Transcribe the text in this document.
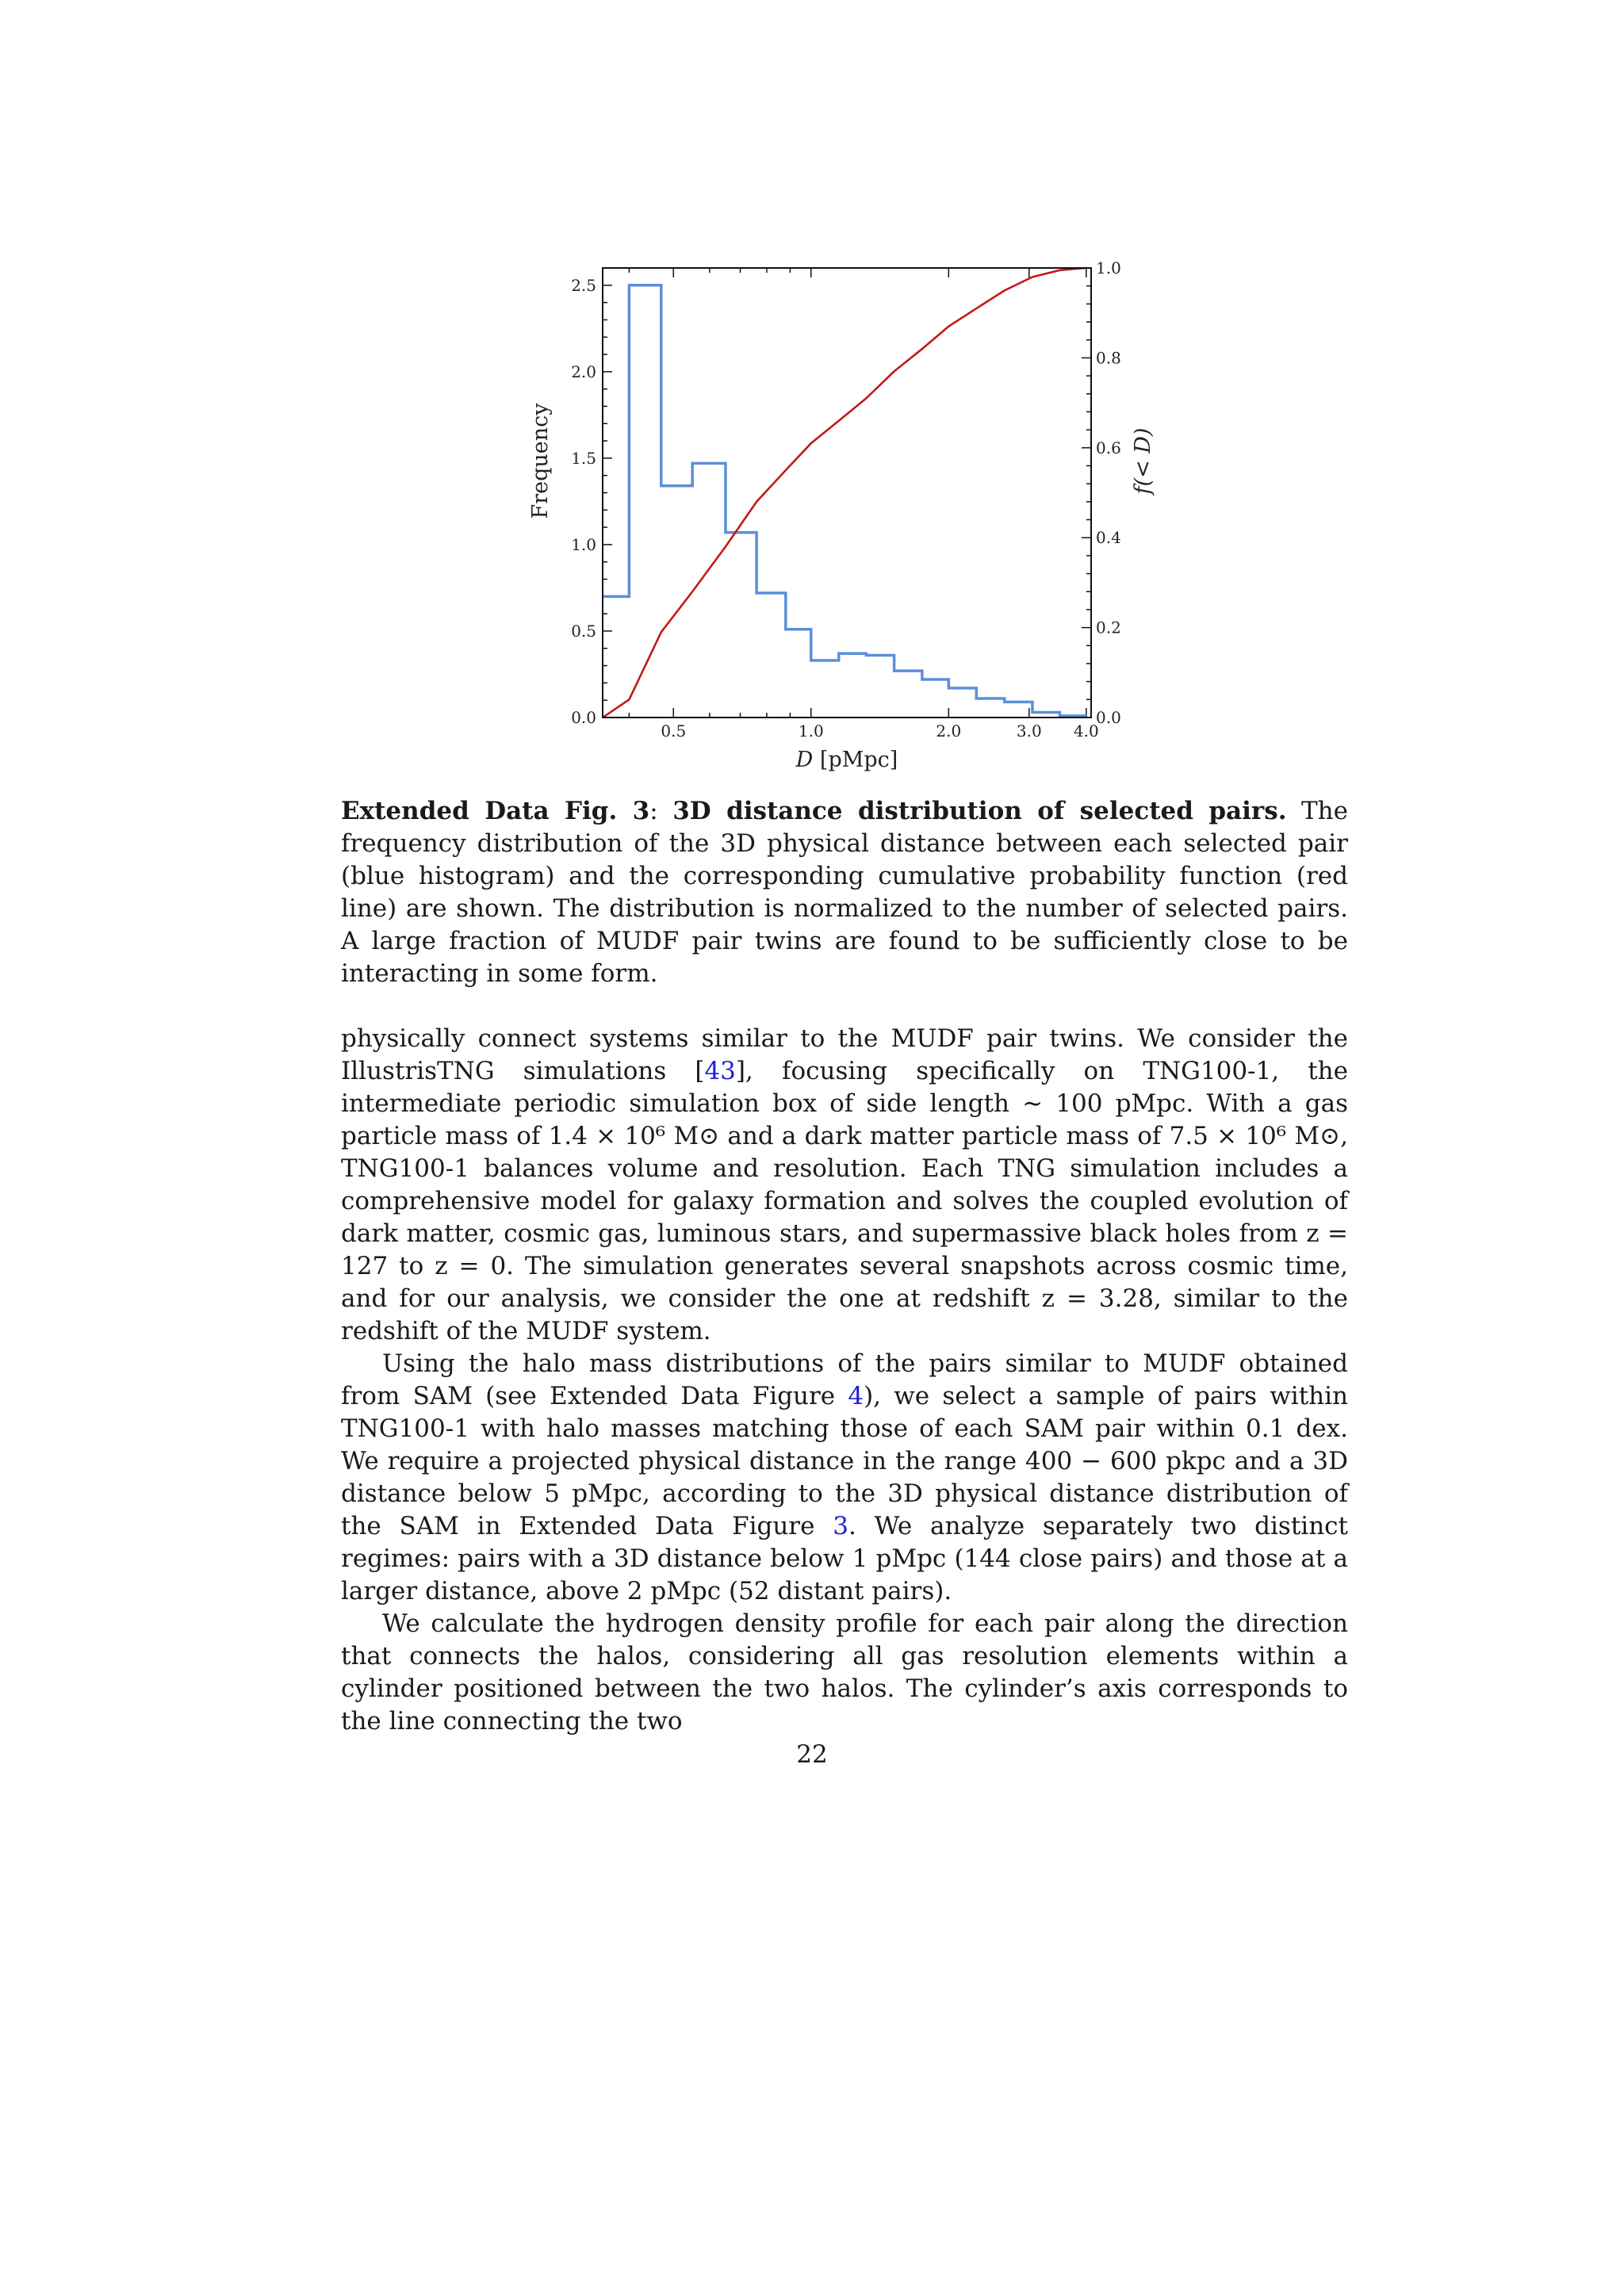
0.5	1.0	2.0	3.0 4.0
0.0
0.5
1.0
1.5
2.0
2.5
0.0
0.2
0.4
0.6
0.8
1.0
D [pMpc]
Frequency	f(< D)
Extended Data Fig. 3: 3D distance distribution of selected pairs. The frequency distribution of the 3D physical distance between each selected pair (blue histogram) and the corresponding cumulative probability function (red line) are shown. The distribution is normalized to the number of selected pairs. A large fraction of MUDF pair twins are found to be sufficiently close to be interacting in some form.

physically connect systems similar to the MUDF pair twins. We consider the IllustrisTNG simulations [43], focusing specifically on TNG100-1, the intermediate periodic simulation box of side length ∼ 100 pMpc. With a gas particle mass of 1.4 × 10⁶ M⊙ and a dark matter particle mass of 7.5 × 10⁶ M⊙, TNG100-1 balances volume and resolution. Each TNG simulation includes a comprehensive model for galaxy formation and solves the coupled evolution of dark matter, cosmic gas, luminous stars, and supermassive black holes from z = 127 to z = 0. The simulation generates several snapshots across cosmic time, and for our analysis, we consider the one at redshift z = 3.28, similar to the redshift of the MUDF system.

Using the halo mass distributions of the pairs similar to MUDF obtained from SAM (see Extended Data Figure 4), we select a sample of pairs within TNG100-1 with halo masses matching those of each SAM pair within 0.1 dex. We require a projected physical distance in the range 400 − 600 pkpc and a 3D distance below 5 pMpc, according to the 3D physical distance distribution of the SAM in Extended Data Figure 3. We analyze separately two distinct regimes: pairs with a 3D distance below 1 pMpc (144 close pairs) and those at a larger distance, above 2 pMpc (52 distant pairs).

We calculate the hydrogen density profile for each pair along the direction that connects the halos, considering all gas resolution elements within a cylinder positioned between the two halos. The cylinder’s axis corresponds to the line connecting the two

22
